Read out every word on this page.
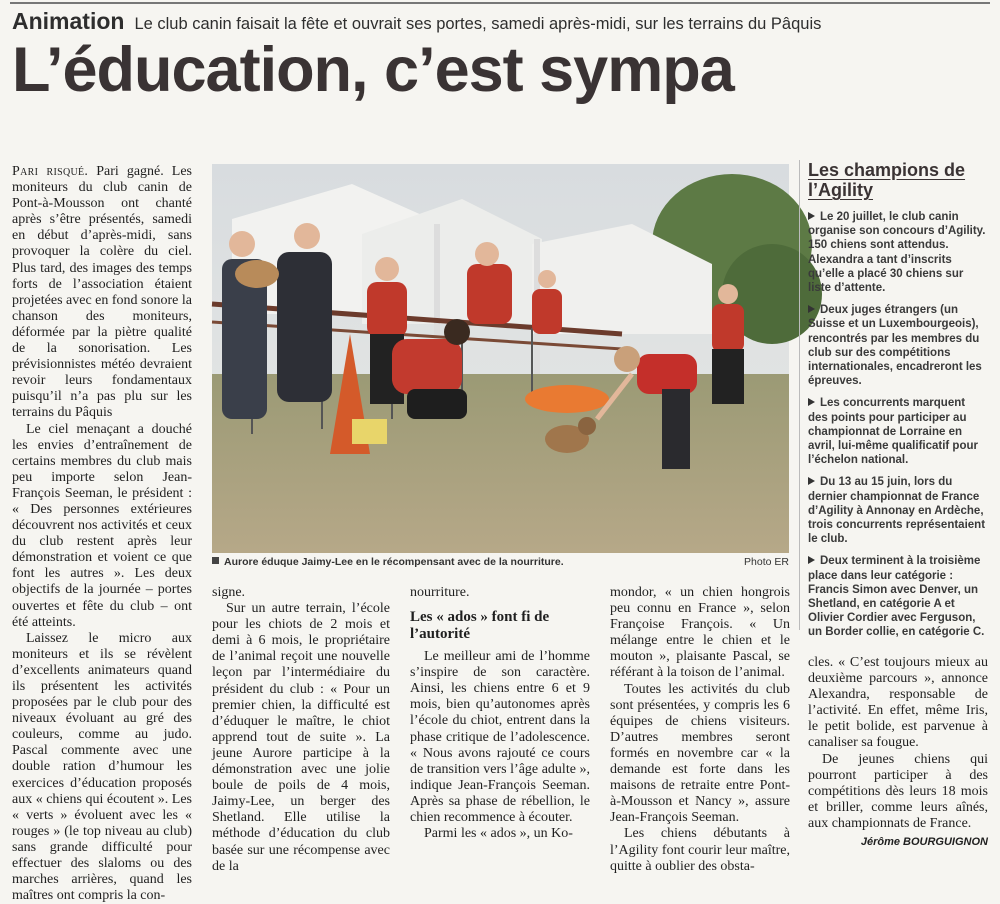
Animation Le club canin faisait la fête et ouvrait ses portes, samedi après-midi, sur les terrains du Pâquis
L’éducation, c’est sympa

Pari risqué. Pari gagné. Les moniteurs du club canin de Pont-à-Mousson ont chanté après s’être présentés, samedi en début d’après-midi, sans provoquer la colère du ciel. Plus tard, des images des temps forts de l’association étaient projetées avec en fond sonore la chanson des moniteurs, déformée par la piètre qualité de la sonorisation. Les prévisionnistes météo devraient revoir leurs fondamentaux puisqu’il n’a pas plu sur les terrains du Pâquis

Le ciel menaçant a douché les envies d’entraînement de certains membres du club mais peu importe selon Jean-François Seeman, le président : « Des personnes extérieures découvrent nos activités et ceux du club restent après leur démonstration et voient ce que font les autres ». Les deux objectifs de la journée – portes ouvertes et fête du club – ont été atteints.

Laissez le micro aux moniteurs et ils se révèlent d’excellents animateurs quand ils présentent les activités proposées par le club pour des niveaux évoluant au gré des couleurs, comme au judo. Pascal commente avec une double ration d’humour les exercices d’éducation proposés aux « chiens qui écoutent ». Les « verts » évoluent avec les « rouges » (le top niveau au club) sans grande difficulté pour effectuer des slaloms ou des marches arrières, quand les maîtres ont compris la con-

Aurore éduque Jaimy-Lee en le récompensant avec de la nourriture.	Photo ER

signe.

Sur un autre terrain, l’école pour les chiots de 2 mois et demi à 6 mois, le propriétaire de l’animal reçoit une nouvelle leçon par l’intermédiaire du président du club : « Pour un premier chien, la difficulté est d’éduquer le maître, le chiot apprend tout de suite ». La jeune Aurore participe à la démonstration avec une jolie boule de poils de 4 mois, Jaimy-Lee, un berger des Shetland. Elle utilise la méthode d’éducation du club basée sur une récompense avec de la

nourriture.

Les « ados » font fi de l’autorité

Le meilleur ami de l’homme s’inspire de son caractère. Ainsi, les chiens entre 6 et 9 mois, bien qu’autonomes après l’école du chiot, entrent dans la phase critique de l’adolescence. « Nous avons rajouté ce cours de transition vers l’âge adulte », indique Jean-François Seeman. Après sa phase de rébellion, le chien recommence à écouter.

Parmi les « ados », un Ko-

mondor, « un chien hongrois peu connu en France », selon Françoise François. « Un mélange entre le chien et le mouton », plaisante Pascal, se référant à la toison de l’animal.

Toutes les activités du club sont présentées, y compris les 6 équipes de chiens visiteurs. D’autres membres seront formés en novembre car « la demande est forte dans les maisons de retraite entre Pont-à-Mousson et Nancy », assure Jean-François Seeman.

Les chiens débutants à l’Agility font courir leur maître, quitte à oublier des obsta-

Les champions de l’Agility
Le 20 juillet, le club canin organise son concours d’Agility. 150 chiens sont attendus. Alexandra a tant d’inscrits qu’elle a placé 30 chiens sur liste d’attente.
Deux juges étrangers (un Suisse et un Luxembourgeois), rencontrés par les membres du club sur des compétitions internationales, encadreront les épreuves.
Les concurrents marquent des points pour participer au championnat de Lorraine en avril, lui-même qualificatif pour l’échelon national.
Du 13 au 15 juin, lors du dernier championnat de France d’Agility à Annonay en Ardèche, trois concurrents représentaient le club.
Deux terminent à la troisième place dans leur catégorie : Francis Simon avec Denver, un Shetland, en catégorie A et Olivier Cordier avec Ferguson, un Border collie, en catégorie C.

cles. « C’est toujours mieux au deuxième parcours », annonce Alexandra, responsable de l’activité. En effet, même Iris, le petit bolide, est parvenue à canaliser sa fougue.

De jeunes chiens qui pourront participer à des compétitions dès leurs 18 mois et briller, comme leurs aînés, aux championnats de France.

Jérôme BOURGUIGNON
